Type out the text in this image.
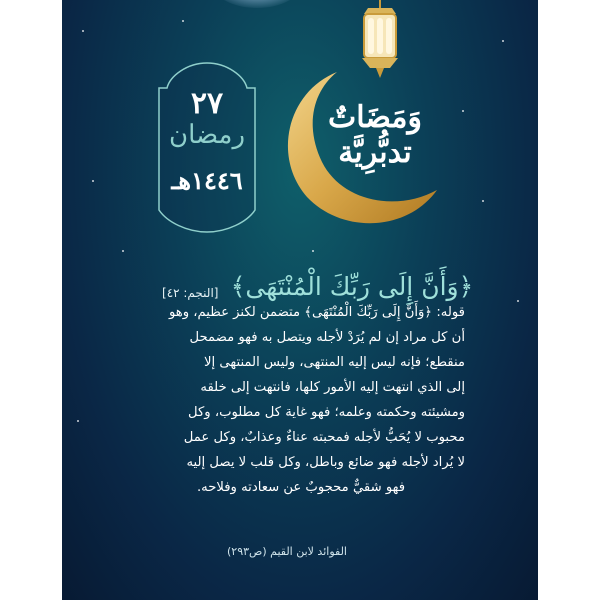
٢٧
رمضان
١٤٤٦هـ
وَمَضَاتٌ
تدبُّرِيَّة
﴿وَأَنَّ إِلَى رَبِّكَ الْمُنْتَهَى﴾
[النجم: ٤٢]

قوله: ﴿وَأَنَّ إِلَى رَبِّكَ الْمُنْتَهَى﴾ متضمن لكنز عظيم، وهو

أن كل مراد إن لم يُرَدْ لأجله ويتصل به فهو مضمحل

منقطع؛ فإنه ليس إليه المنتهى، وليس المنتهى إلا

إلى الذي انتهت إليه الأمور كلها، فانتهت إلى خلقه

ومشيئته وحكمته وعلمه؛ فهو غاية كل مطلوب، وكل

محبوب لا يُحَبُّ لأجله فمحبته عناءٌ وعذابٌ، وكل عمل

لا يُراد لأجله فهو ضائع وباطل، وكل قلب لا يصل إليه

فهو شقيٌّ محجوبٌ عن سعادته وفلاحه.

الفوائد لابن القيم (ص٢٩٣)
